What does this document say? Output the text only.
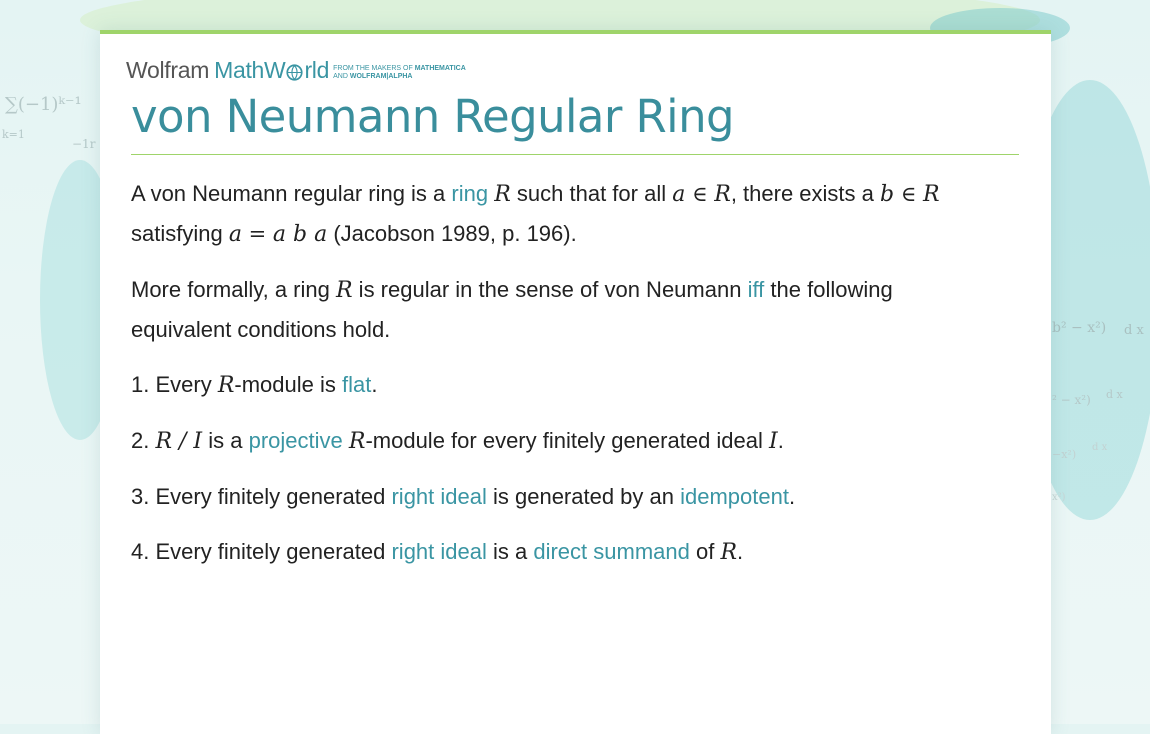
∑(−1)ᵏ⁻¹
k=1
−1r
b² − x²) d x
² − x²) d x
−x²)
d x
x²)
Wolfram MathW rld FROM THE MAKERS OF MATHEMATICA
AND WOLFRAM|ALPHA
von Neumann Regular Ring

A von Neumann regular ring is a ring R such that for all a ∈ R, there exists a b ∈ R
satisfying a = a b a (Jacobson 1989, p. 196).

More formally, a ring R is regular in the sense of von Neumann iff the following
equivalent conditions hold.

1. Every R-module is flat.

2. R / I is a projective R-module for every finitely generated ideal I.

3. Every finitely generated right ideal is generated by an idempotent.

4. Every finitely generated right ideal is a direct summand of R.
